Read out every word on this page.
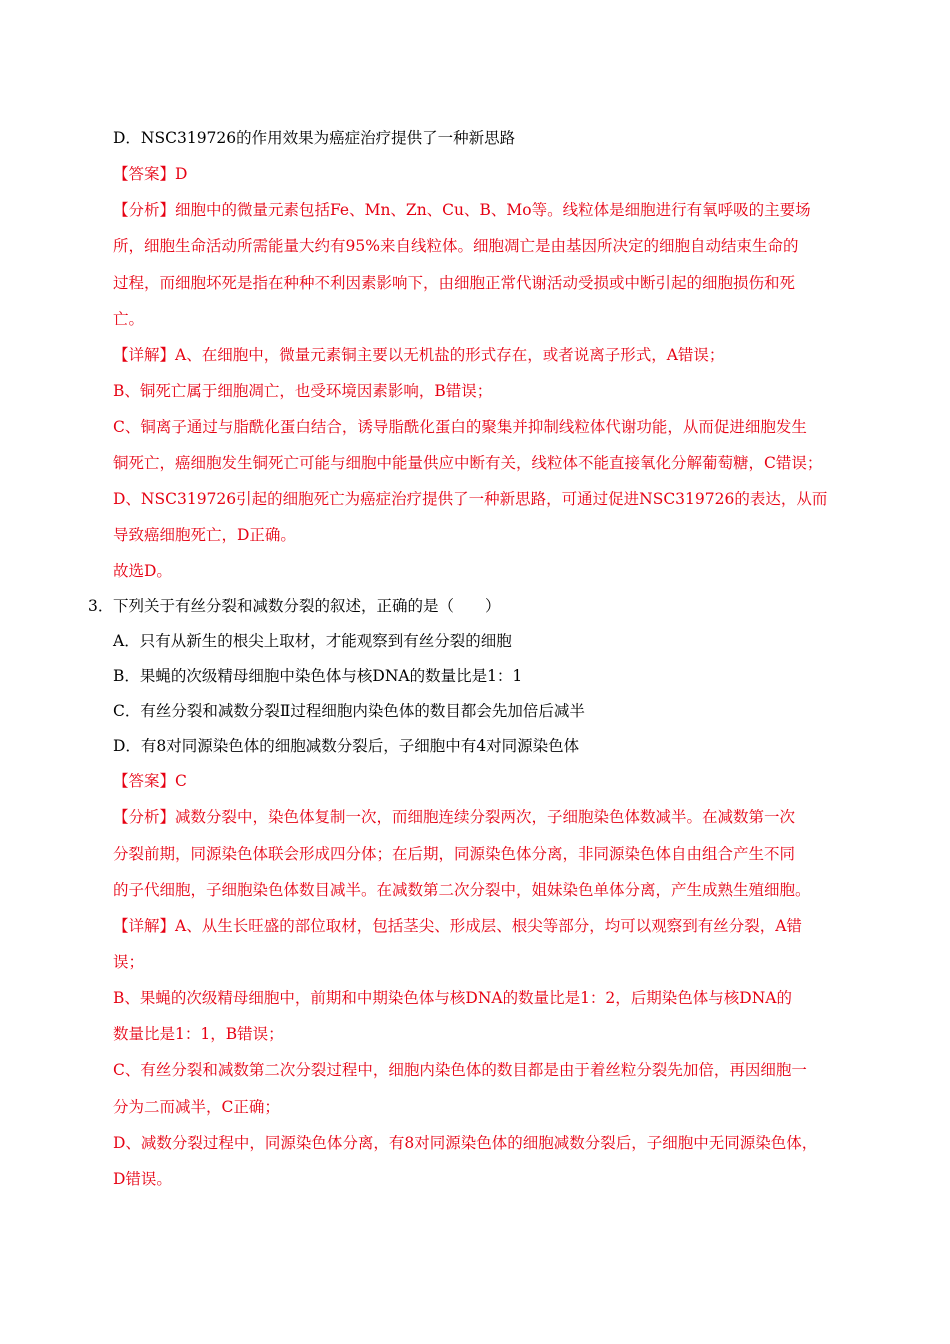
D．NSC319726的作用效果为癌症治疗提供了一种新思路
【答案】D
【分析】细胞中的微量元素包括Fe、Mn、Zn、Cu、B、Mo等。线粒体是细胞进行有氧呼吸的主要场
所，细胞生命活动所需能量大约有95%来自线粒体。细胞凋亡是由基因所决定的细胞自动结束生命的
过程，而细胞坏死是指在种种不利因素影响下，由细胞正常代谢活动受损或中断引起的细胞损伤和死
亡。
【详解】A、在细胞中，微量元素铜主要以无机盐的形式存在，或者说离子形式，A错误；
B、铜死亡属于细胞凋亡，也受环境因素影响，B错误；
C、铜离子通过与脂酰化蛋白结合，诱导脂酰化蛋白的聚集并抑制线粒体代谢功能，从而促进细胞发生
铜死亡，癌细胞发生铜死亡可能与细胞中能量供应中断有关，线粒体不能直接氧化分解葡萄糖，C错误；
D、NSC319726引起的细胞死亡为癌症治疗提供了一种新思路，可通过促进NSC319726的表达，从而
导致癌细胞死亡，D正确。
故选D。
3． 下列关于有丝分裂和减数分裂的叙述，正确的是（　　）
A．只有从新生的根尖上取材，才能观察到有丝分裂的细胞
B．果蝇的次级精母细胞中染色体与核DNA的数量比是1：1
C．有丝分裂和减数分裂Ⅱ过程细胞内染色体的数目都会先加倍后减半
D．有8对同源染色体的细胞减数分裂后，子细胞中有4对同源染色体
【答案】C
【分析】减数分裂中，染色体复制一次，而细胞连续分裂两次，子细胞染色体数减半。在减数第一次
分裂前期，同源染色体联会形成四分体；在后期，同源染色体分离，非同源染色体自由组合产生不同
的子代细胞，子细胞染色体数目减半。在减数第二次分裂中，姐妹染色单体分离，产生成熟生殖细胞。
【详解】A、从生长旺盛的部位取材，包括茎尖、形成层、根尖等部分，均可以观察到有丝分裂，A错
误；
B、果蝇的次级精母细胞中，前期和中期染色体与核DNA的数量比是1：2，后期染色体与核DNA的
数量比是1：1，B错误；
C、有丝分裂和减数第二次分裂过程中，细胞内染色体的数目都是由于着丝粒分裂先加倍，再因细胞一
分为二而减半，C正确；
D、减数分裂过程中，同源染色体分离，有8对同源染色体的细胞减数分裂后，子细胞中无同源染色体，
D错误。
